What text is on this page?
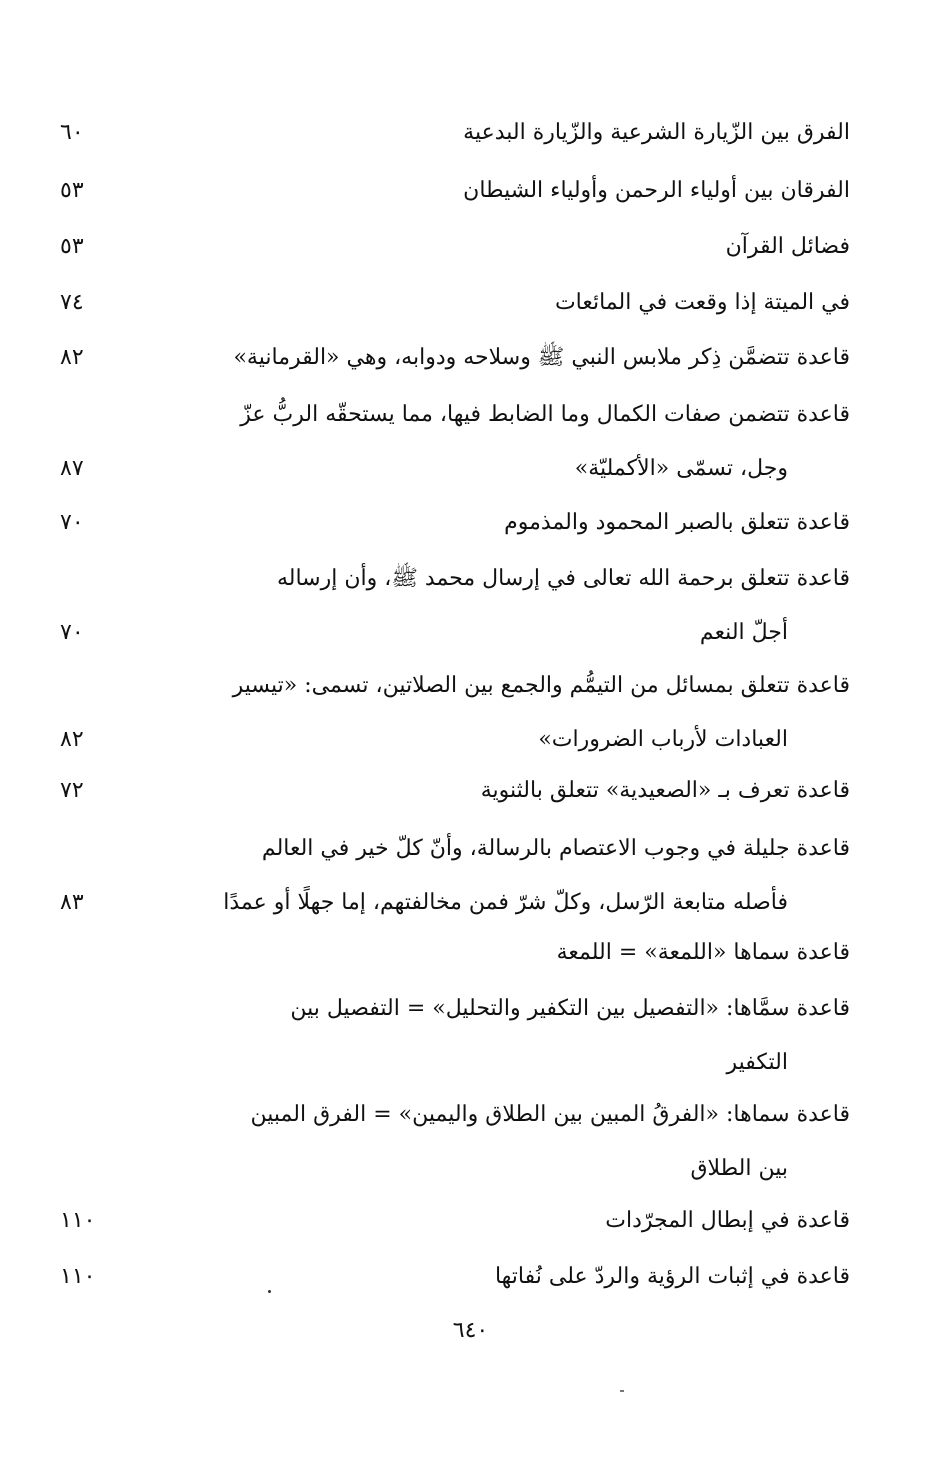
الفرق بين الزّيارة الشرعية والزّيارة البدعية
٦٠
الفرقان بين أولياء الرحمن وأولياء الشيطان
٥٣
فضائل القرآن
٥٣
في الميتة إذا وقعت في المائعات
٧٤
قاعدة تتضمَّن ذِكر ملابس النبي ﷺ وسلاحه ودوابه، وهي «القرمانية»
٨٢
قاعدة تتضمن صفات الكمال وما الضابط فيها، مما يستحقّه الربُّ عزّ
وجل، تسمّى «الأكمليّة»
٨٧
قاعدة تتعلق بالصبر المحمود والمذموم
٧٠
قاعدة تتعلق برحمة الله تعالى في إرسال محمد ﷺ، وأن إرساله
أجلّ النعم
٧٠
قاعدة تتعلق بمسائل من التيمُّم والجمع بين الصلاتين، تسمى: «تيسير
العبادات لأرباب الضرورات»
٨٢
قاعدة تعرف بـ «الصعيدية» تتعلق بالثنوية
٧٢
قاعدة جليلة في وجوب الاعتصام بالرسالة، وأنّ كلّ خير في العالم
فأصله متابعة الرّسل، وكلّ شرّ فمن مخالفتهم، إما جهلًا أو عمدًا
٨٣
قاعدة سماها «اللمعة» = اللمعة
قاعدة سمَّاها: «التفصيل بين التكفير والتحليل» = التفصيل بين
التكفير
قاعدة سماها: «الفرقُ المبين بين الطلاق واليمين» = الفرق المبين
بين الطلاق
قاعدة في إبطال المجرّدات
١١٠
قاعدة في إثبات الرؤية والردّ على نُفاتها
١١٠
٦٤٠
